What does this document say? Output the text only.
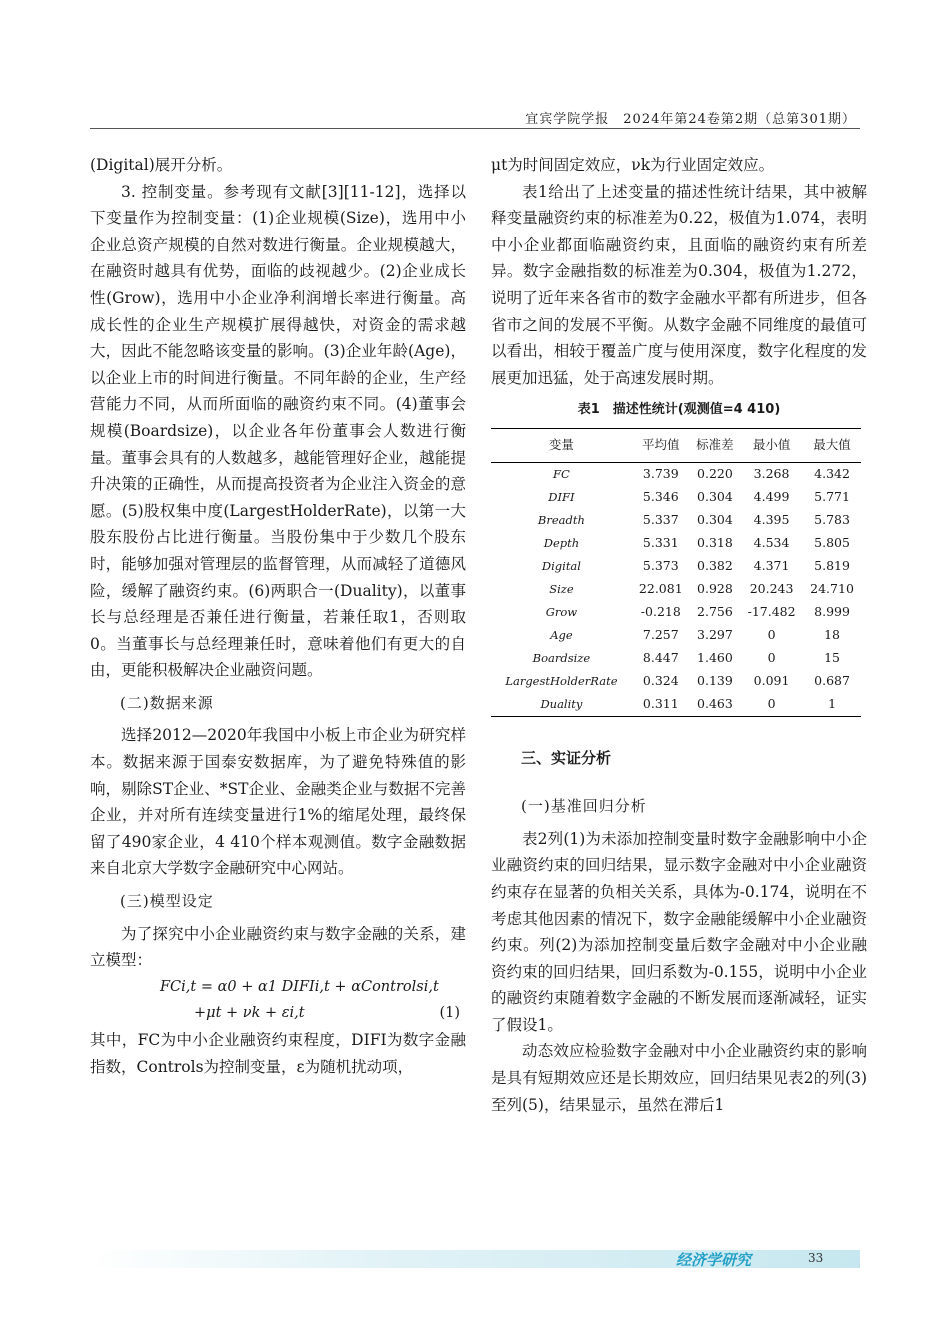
宜宾学院学报　2024年第24卷第2期（总第301期）

(Digital)展开分析。

3. 控制变量。参考现有文献[3][11-12]，选择以下变量作为控制变量：(1)企业规模(Size)，选用中小企业总资产规模的自然对数进行衡量。企业规模越大，在融资时越具有优势，面临的歧视越少。(2)企业成长性(Grow)，选用中小企业净利润增长率进行衡量。高成长性的企业生产规模扩展得越快，对资金的需求越大，因此不能忽略该变量的影响。(3)企业年龄(Age)，以企业上市的时间进行衡量。不同年龄的企业，生产经营能力不同，从而所面临的融资约束不同。(4)董事会规模(Boardsize)，以企业各年份董事会人数进行衡量。董事会具有的人数越多，越能管理好企业，越能提升决策的正确性，从而提高投资者为企业注入资金的意愿。(5)股权集中度(LargestHolderRate)，以第一大股东股份占比进行衡量。当股份集中于少数几个股东时，能够加强对管理层的监督管理，从而减轻了道德风险，缓解了融资约束。(6)两职合一(Duality)，以董事长与总经理是否兼任进行衡量，若兼任取1，否则取0。当董事长与总经理兼任时，意味着他们有更大的自由，更能积极解决企业融资问题。

(二)数据来源

选择2012—2020年我国中小板上市企业为研究样本。数据来源于国泰安数据库，为了避免特殊值的影响，剔除ST企业、*ST企业、金融类企业与数据不完善企业，并对所有连续变量进行1%的缩尾处理，最终保留了490家企业，4 410个样本观测值。数字金融数据来自北京大学数字金融研究中心网站。

(三)模型设定

为了探究中小企业融资约束与数字金融的关系，建立模型：

FCi,t = α0 + α1 DIFIi,t + αControlsi,t

+μt + νk + εi,t	(1)

其中，FC为中小企业融资约束程度，DIFI为数字金融指数，Controls为控制变量，ε为随机扰动项，

μt为时间固定效应，νk为行业固定效应。

表1给出了上述变量的描述性统计结果，其中被解释变量融资约束的标准差为0.22，极值为1.074，表明中小企业都面临融资约束，且面临的融资约束有所差异。数字金融指数的标准差为0.304，极值为1.272，说明了近年来各省市的数字金融水平都有所进步，但各省市之间的发展不平衡。从数字金融不同维度的最值可以看出，相较于覆盖广度与使用深度，数字化程度的发展更加迅猛，处于高速发展时期。

表1　描述性统计(观测值=4 410)

变量	平均值	标准差	最小值	最大值
FC	3.739	0.220	3.268	4.342
DIFI	5.346	0.304	4.499	5.771
Breadth	5.337	0.304	4.395	5.783
Depth	5.331	0.318	4.534	5.805
Digital	5.373	0.382	4.371	5.819
Size	22.081	0.928	20.243	24.710
Grow	-0.218	2.756	-17.482	8.999
Age	7.257	3.297	0	18
Boardsize	8.447	1.460	0	15
LargestHolderRate	0.324	0.139	0.091	0.687
Duality	0.311	0.463	0	1

三、实证分析

(一)基准回归分析

表2列(1)为未添加控制变量时数字金融影响中小企业融资约束的回归结果，显示数字金融对中小企业融资约束存在显著的负相关关系，具体为-0.174，说明在不考虑其他因素的情况下，数字金融能缓解中小企业融资约束。列(2)为添加控制变量后数字金融对中小企业融资约束的回归结果，回归系数为-0.155，说明中小企业的融资约束随着数字金融的不断发展而逐渐减轻，证实了假设1。

动态效应检验数字金融对中小企业融资约束的影响是具有短期效应还是长期效应，回归结果见表2的列(3)至列(5)，结果显示，虽然在滞后1

经济学研究	33
